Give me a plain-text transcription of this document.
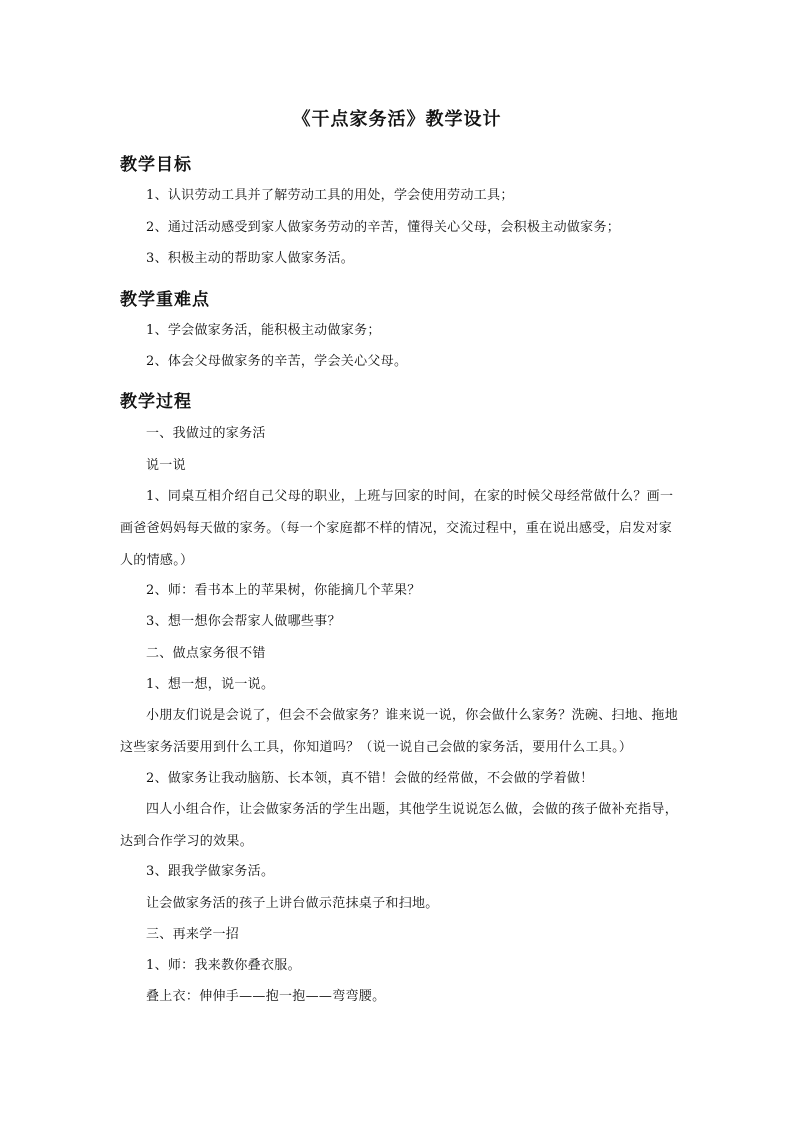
《干点家务活》教学设计
教学目标
1、认识劳动工具并了解劳动工具的用处，学会使用劳动工具；
2、通过活动感受到家人做家务劳动的辛苦，懂得关心父母，会积极主动做家务；
3、积极主动的帮助家人做家务活。
教学重难点
1、学会做家务活，能积极主动做家务；
2、体会父母做家务的辛苦，学会关心父母。
教学过程
一、我做过的家务活
说一说
1、同桌互相介绍自己父母的职业，上班与回家的时间，在家的时候父母经常做什么？画一画爸爸妈妈每天做的家务。（每一个家庭都不样的情况，交流过程中，重在说出感受，启发对家人的情感。）
2、师：看书本上的苹果树，你能摘几个苹果？
3、想一想你会帮家人做哪些事？
二、做点家务很不错
1、想一想，说一说。
小朋友们说是会说了，但会不会做家务？谁来说一说，你会做什么家务？洗碗、扫地、拖地这些家务活要用到什么工具，你知道吗？（说一说自己会做的家务活，要用什么工具。）
2、做家务让我动脑筋、长本领，真不错！会做的经常做，不会做的学着做！
四人小组合作，让会做家务活的学生出题，其他学生说说怎么做，会做的孩子做补充指导，达到合作学习的效果。
3、跟我学做家务活。
让会做家务活的孩子上讲台做示范抹桌子和扫地。
三、再来学一招
1、师：我来教你叠衣服。
叠上衣：伸伸手——抱一抱——弯弯腰。
